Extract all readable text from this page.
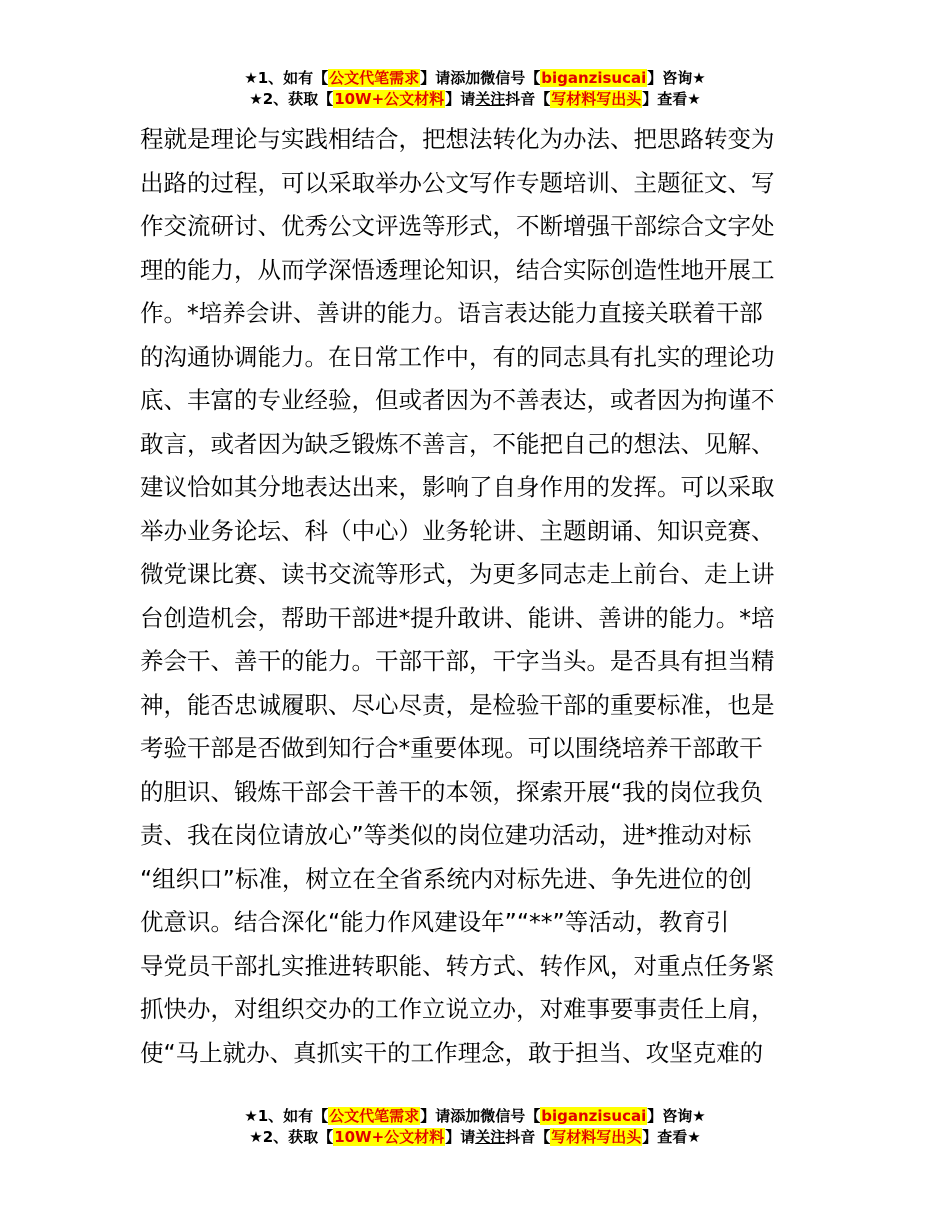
★1、如有【公文代笔需求】请添加微信号【biganzisucai】咨询★
★2、获取【10W+公文材料】请关注抖音【写材料写出头】查看★
程就是理论与实践相结合，把想法转化为办法、把思路转变为
出路的过程，可以采取举办公文写作专题培训、主题征文、写
作交流研讨、优秀公文评选等形式，不断增强干部综合文字处
理的能力，从而学深悟透理论知识，结合实际创造性地开展工
作。*培养会讲、善讲的能力。语言表达能力直接关联着干部
的沟通协调能力。在日常工作中，有的同志具有扎实的理论功
底、丰富的专业经验，但或者因为不善表达，或者因为拘谨不
敢言，或者因为缺乏锻炼不善言，不能把自己的想法、见解、
建议恰如其分地表达出来，影响了自身作用的发挥。可以采取
举办业务论坛、科（中心）业务轮讲、主题朗诵、知识竞赛、
微党课比赛、读书交流等形式，为更多同志走上前台、走上讲
台创造机会，帮助干部进*提升敢讲、能讲、善讲的能力。*培
养会干、善干的能力。干部干部，干字当头。是否具有担当精
神，能否忠诚履职、尽心尽责，是检验干部的重要标准，也是
考验干部是否做到知行合*重要体现。可以围绕培养干部敢干
的胆识、锻炼干部会干善干的本领，探索开展“我的岗位我负
责、我在岗位请放心”等类似的岗位建功活动，进*推动对标
“组织口”标准，树立在全省系统内对标先进、争先进位的创
优意识。结合深化“能力作风建设年”“**”等活动，教育引
导党员干部扎实推进转职能、转方式、转作风，对重点任务紧
抓快办，对组织交办的工作立说立办，对难事要事责任上肩，
使“马上就办、真抓实干的工作理念，敢于担当、攻坚克难的
★1、如有【公文代笔需求】请添加微信号【biganzisucai】咨询★
★2、获取【10W+公文材料】请关注抖音【写材料写出头】查看★
